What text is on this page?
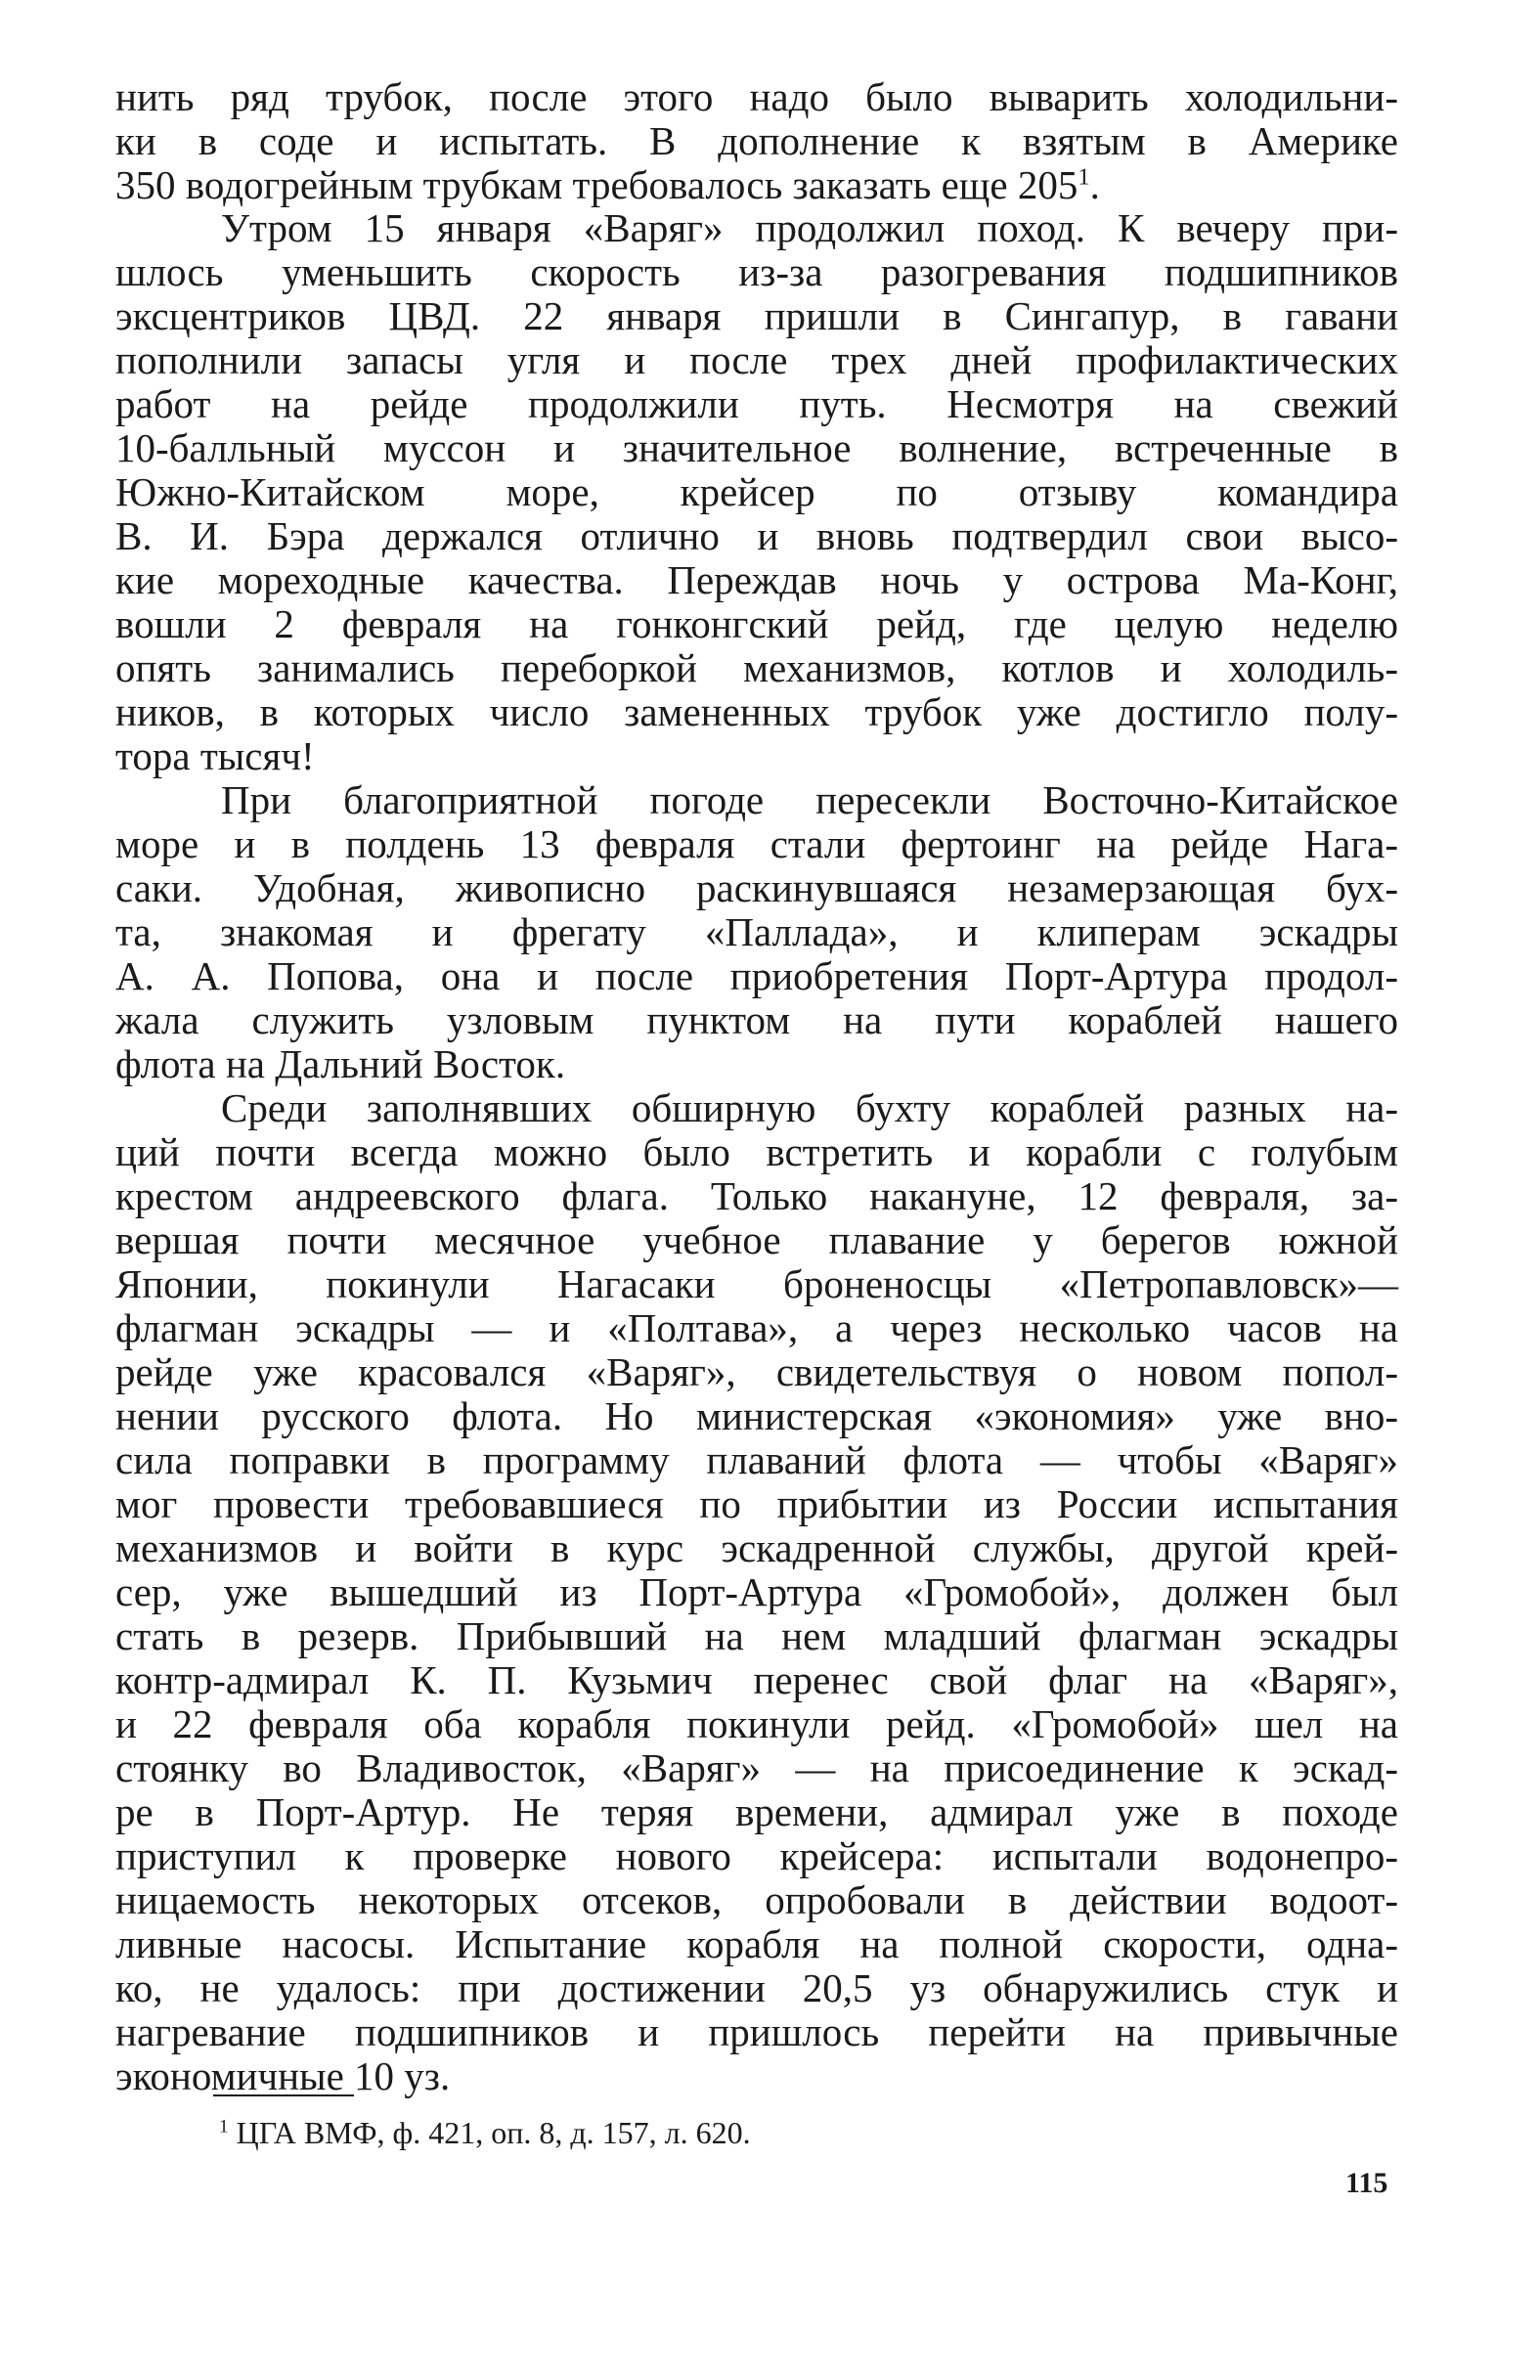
нить ряд трубок, после этого надо было выварить холодильни-
ки в соде и испытать. В дополнение к взятым в Америке
350 водогрейным трубкам требовалось заказать еще $205^1$.
Утром 15 января «Варяг» продолжил поход. К вечеру при-
шлось уменьшить скорость из-за разогревания подшипников
эксцентриков ЦВД. 22 января пришли в Сингапур, в гавани
пополнили запасы угля и после трех дней профилактических
работ на рейде продолжили путь. Несмотря на свежий
10-балльный муссон и значительное волнение, встреченные в
Южно-Китайском море, крейсер по отзыву командира
В. И. Бэра держался отлично и вновь подтвердил свои высо-
кие мореходные качества. Переждав ночь у острова Ма-Конг,
вошли 2 февраля на гонконгский рейд, где целую неделю
опять занимались переборкой механизмов, котлов и холодиль-
ников, в которых число замененных трубок уже достигло полу-
тора тысяч!
При благоприятной погоде пересекли Восточно-Китайское
море и в полдень 13 февраля стали фертоинг на рейде Нага-
саки. Удобная, живописно раскинувшаяся незамерзающая бух-
та, знакомая и фрегату «Паллада», и клиперам эскадры
А. А. Попова, она и после приобретения Порт-Артура продол-
жала служить узловым пунктом на пути кораблей нашего
флота на Дальний Восток.
Среди заполнявших обширную бухту кораблей разных на-
ций почти всегда можно было встретить и корабли с голубым
крестом андреевского флага. Только накануне, 12 февраля, за-
вершая почти месячное учебное плавание у берегов южной
Японии, покинули Нагасаки броненосцы «Петропавловск»—
флагман эскадры — и «Полтава», а через несколько часов на
рейде уже красовался «Варяг», свидетельствуя о новом попол-
нении русского флота. Но министерская «экономия» уже вно-
сила поправки в программу плаваний флота — чтобы «Варяг»
мог провести требовавшиеся по прибытии из России испытания
механизмов и войти в курс эскадренной службы, другой крей-
сер, уже вышедший из Порт-Артура «Громобой», должен был
стать в резерв. Прибывший на нем младший флагман эскадры
контр-адмирал К. П. Кузьмич перенес свой флаг на «Варяг»,
и 22 февраля оба корабля покинули рейд. «Громобой» шел на
стоянку во Владивосток, «Варяг» — на присоединение к эскад-
ре в Порт-Артур. Не теряя времени, адмирал уже в походе
приступил к проверке нового крейсера: испытали водонепро-
ницаемость некоторых отсеков, опробовали в действии водоот-
ливные насосы. Испытание корабля на полной скорости, одна-
ко, не удалось: при достижении 20,5 уз обнаружились стук и
нагревание подшипников и пришлось перейти на привычные
экономичные 10 уз.
$^1$ ЦГА ВМФ, ф. 421, оп. 8, д. 157, л. 620.
115
